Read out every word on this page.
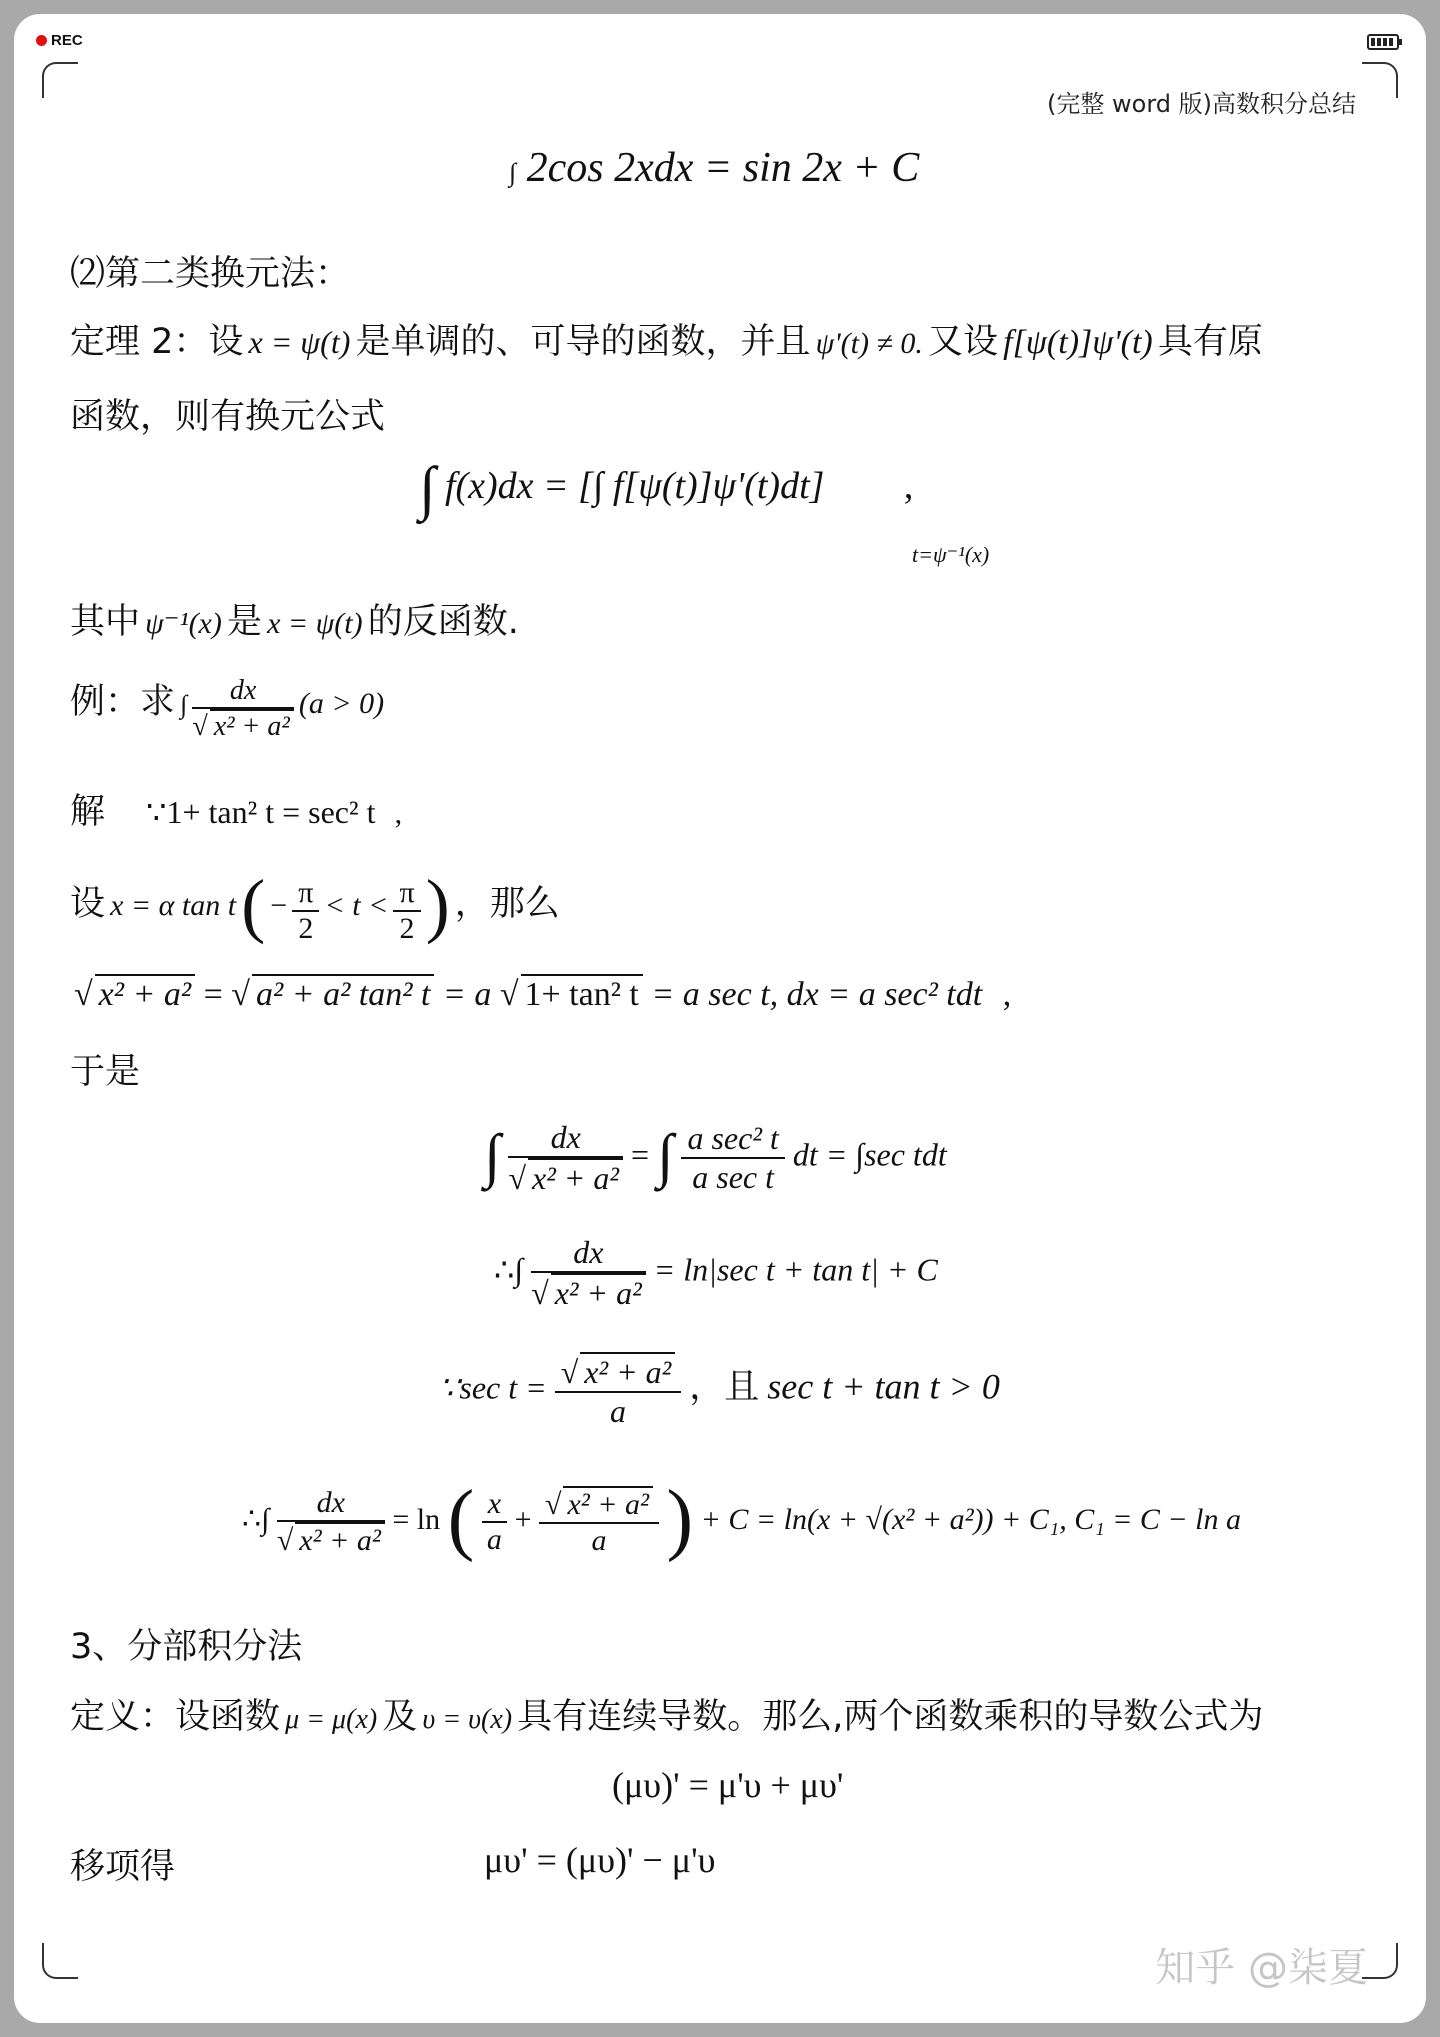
REC
(完整 word 版)高数积分总结
∫ 2cos 2xdx = sin 2x + C
⑵第二类换元法：
定理 2：设 x = ψ(t) 是单调的、可导的函数，并且 ψ'(t) ≠ 0. 又设 f[ψ(t)]ψ'(t) 具有原
函数，则有换元公式
∫ f(x)dx = [∫ f[ψ(t)]ψ'(t)dt] ,
t=ψ⁻¹(x)
其中 ψ⁻¹(x) 是 x = ψ(t) 的反函数.
例：求 ∫ $\frac{dx}{\text{√ x² + a²}} (a > 0)$
解 ∵1+ tan² t = sec² t ,
设 x = α tan t ( − $\frac{\pi}{2} < t < \frac{\pi}{2}$ ) ，那么
√ x² + a² = √ a² + a² tan² t = a √ 1+ tan² t = a sec t, dx = a sec² tdt ,
于是
∫ $\frac{dx}{\text{√ x² + a²}}$ = ∫ $\frac{\text{a sec² t}}{\text{a sec t}}$ dt = ∫sec tdt
∴∫ $\frac{dx}{\text{√ x² + a²}} = \ln|\sec$ t + tan t| + C
∵sec $t = \frac{\text{√ x² + a²}}{a}$ ，且 sec t + tan t > 0
∴∫ $\frac{dx}{\text{√ x² + a²}} = \ln$ ( $\frac{x}{a} + \frac{\text{√ x² + a²}}{a}$ ) + C = ln(x + √(x² + a²)) + C₁, C₁ = C − ln a
3、分部积分法
定义：设函数 μ = μ(x) 及 υ = υ(x) 具有连续导数。那么,两个函数乘积的导数公式为
(μυ)' = μ'υ + μυ'
移项得	μυ' = (μυ)' − μ'υ
知乎 @柒夏
